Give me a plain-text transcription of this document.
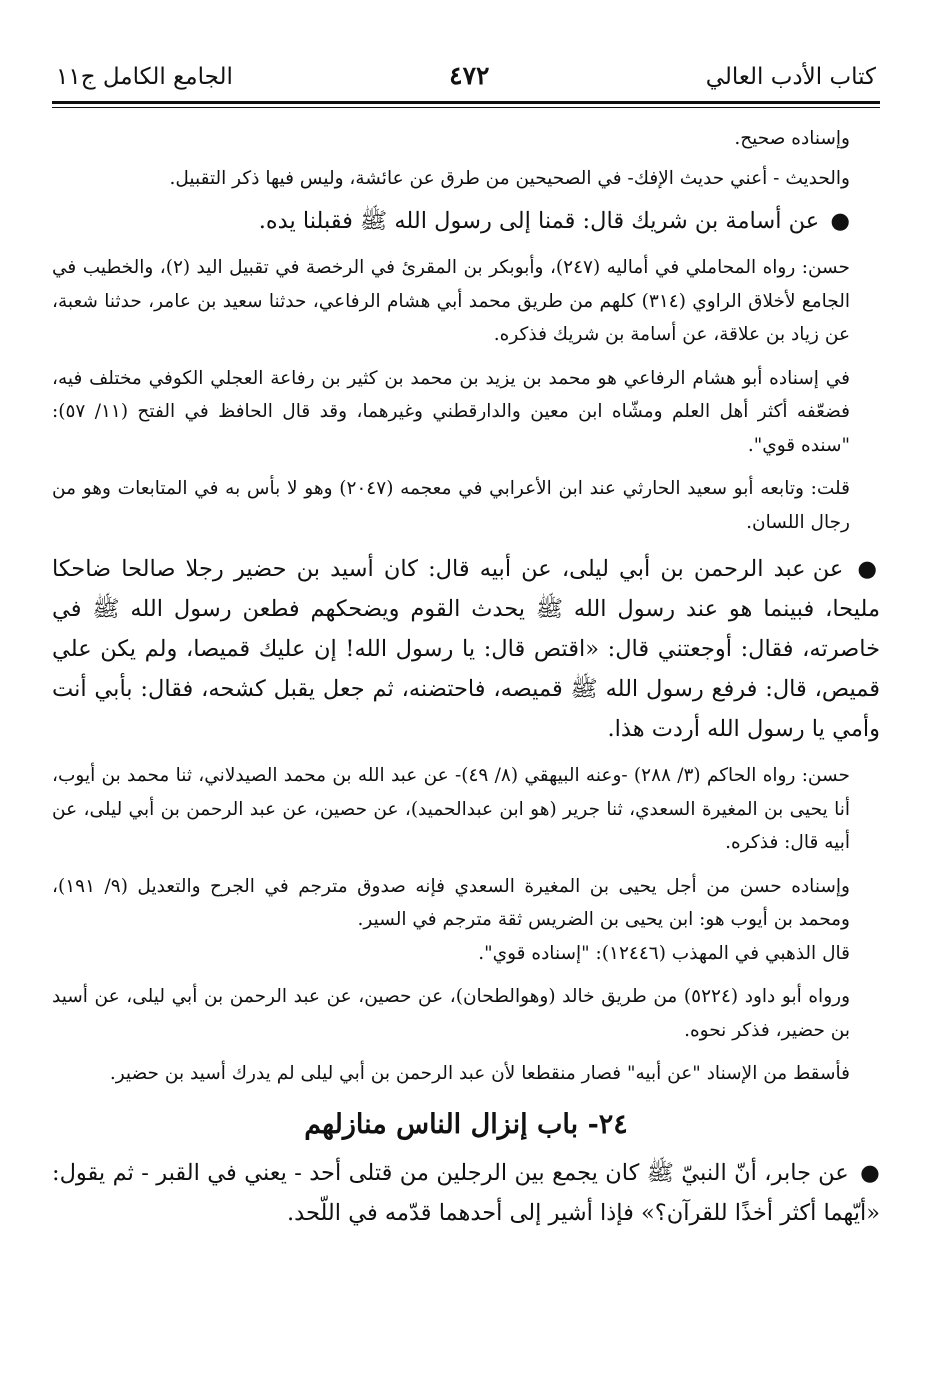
كتاب الأدب العالي
٤٧٢
الجامع الكامل ج١١

وإسناده صحيح.

والحديث - أعني حديث الإفك- في الصحيحين من طرق عن عائشة، وليس فيها ذكر التقبيل.

● عن أسامة بن شريك قال: قمنا إلى رسول الله ﷺ فقبلنا يده.

حسن: رواه المحاملي في أماليه (٢٤٧)، وأبوبكر بن المقرئ في الرخصة في تقبيل اليد (٢)، والخطيب في الجامع لأخلاق الراوي (٣١٤) كلهم من طريق محمد أبي هشام الرفاعي، حدثنا سعيد بن عامر، حدثنا شعبة، عن زياد بن علاقة، عن أسامة بن شريك فذكره.

في إسناده أبو هشام الرفاعي هو محمد بن يزيد بن محمد بن كثير بن رفاعة العجلي الكوفي مختلف فيه، فضعّفه أكثر أهل العلم ومشّاه ابن معين والدارقطني وغيرهما، وقد قال الحافظ في الفتح (١١/ ٥٧): "سنده قوي".

قلت: وتابعه أبو سعيد الحارثي عند ابن الأعرابي في معجمه (٢٠٤٧) وهو لا بأس به في المتابعات وهو من رجال اللسان.

● عن عبد الرحمن بن أبي ليلى، عن أبيه قال: كان أسيد بن حضير رجلا صالحا ضاحكا مليحا، فبينما هو عند رسول الله ﷺ يحدث القوم ويضحكهم فطعن رسول الله ﷺ في خاصرته، فقال: أوجعتني قال: «اقتص قال: يا رسول الله! إن عليك قميصا، ولم يكن علي قميص، قال: فرفع رسول الله ﷺ قميصه، فاحتضنه، ثم جعل يقبل كشحه، فقال: بأبي أنت وأمي يا رسول الله أردت هذا.

حسن: رواه الحاكم (٣/ ٢٨٨) -وعنه البيهقي (٨/ ٤٩)- عن عبد الله بن محمد الصيدلاني، ثنا محمد بن أيوب، أنا يحيى بن المغيرة السعدي، ثنا جرير (هو ابن عبدالحميد)، عن حصين، عن عبد الرحمن بن أبي ليلى، عن أبيه قال: فذكره.

وإسناده حسن من أجل يحيى بن المغيرة السعدي فإنه صدوق مترجم في الجرح والتعديل (٩/ ١٩١)، ومحمد بن أيوب هو: ابن يحيى بن الضريس ثقة مترجم في السير.

قال الذهبي في المهذب (١٢٤٤٦): "إسناده قوي".

ورواه أبو داود (٥٢٢٤) من طريق خالد (وهوالطحان)، عن حصين، عن عبد الرحمن بن أبي ليلى، عن أسيد بن حضير، فذكر نحوه.

فأسقط من الإسناد "عن أبيه" فصار منقطعا لأن عبد الرحمن بن أبي ليلى لم يدرك أسيد بن حضير.

٢٤- باب إنزال الناس منازلهم

● عن جابر، أنّ النبيّ ﷺ كان يجمع بين الرجلين من قتلى أحد - يعني في القبر - ثم يقول: «أيّهما أكثر أخذًا للقرآن؟» فإذا أشير إلى أحدهما قدّمه في اللّحد.
